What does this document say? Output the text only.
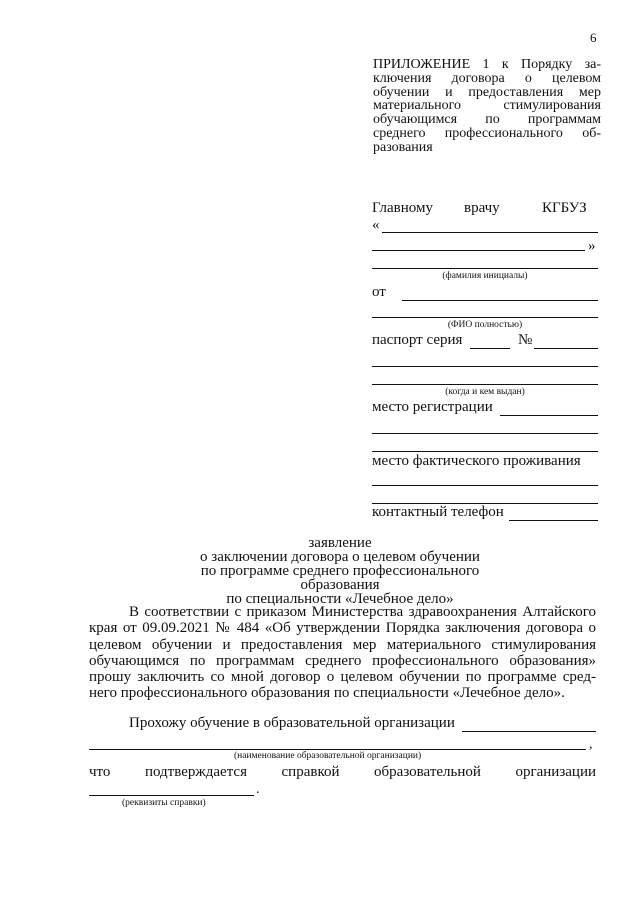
6
ПРИЛОЖЕНИЕ 1 к Порядку за-
ключения договора о целевом
обучении и предоставления мер
материального стимулирования
обучающимся по программам
среднего профессионального об-
разования
Главному врачу	КГБУЗ
«
»
(фамилия инициалы)
от
(ФИО полностью)
паспорт серия	№
(когда и кем выдан)
место регистрации
место фактического проживания
контактный телефон
заявление
о заключении договора о целевом обучении
по программе среднего профессионального образования
по специальности «Лечебное дело»
В соответствии с приказом Министерства здравоохранения Алтайского
края от 09.09.2021 № 484 «Об утверждении Порядка заключения договора о
целевом обучении и предоставления мер материального стимулирования
обучающимся по программам среднего профессионального образования»
прошу заключить со мной договор о целевом обучении по программе сред-
него профессионального образования по специальности «Лечебное дело».
Прохожу обучение в образовательной организации
,
(наименование образовательной организации)
что подтверждается справкой образовательной организации
.
(реквизиты справки)
